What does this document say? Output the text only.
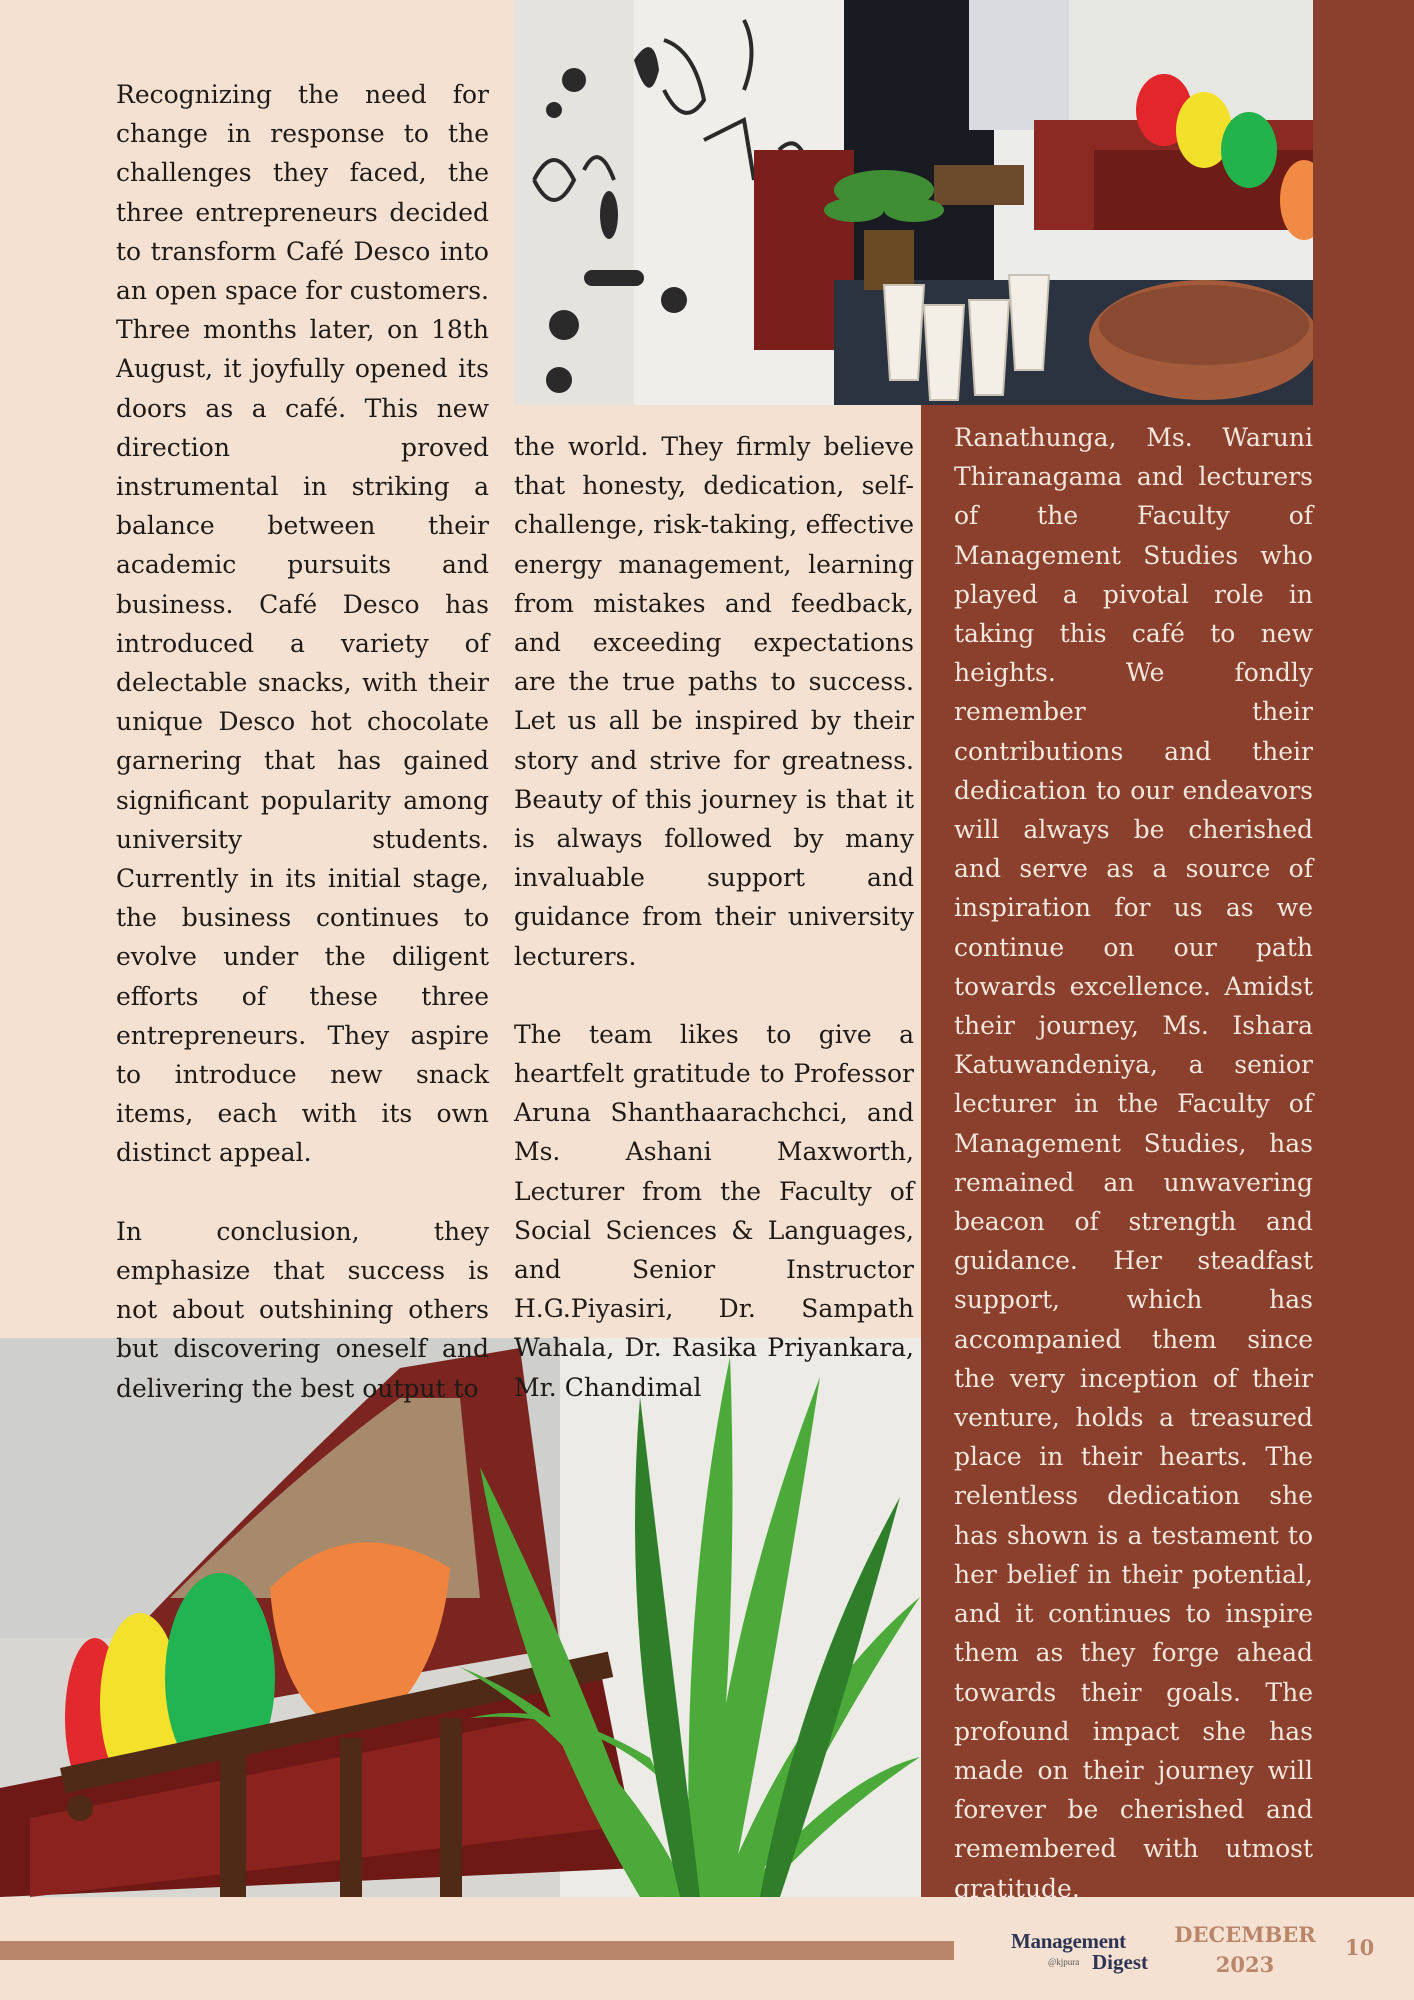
Recognizing the need for change in response to the challenges they faced, the three entrepreneurs decided to transform Café Desco into an open space for customers. Three months later, on 18th August, it joyfully opened its doors as a café. This new direction proved instrumental in striking a balance between their academic pursuits and business. Café Desco has introduced a variety of delectable snacks, with their unique Desco hot chocolate garnering that has gained significant popularity among university students. Currently in its initial stage, the business continues to evolve under the diligent efforts of these three entrepreneurs. They aspire to introduce new snack items, each with its own distinct appeal.

In conclusion, they emphasize that success is not about outshining others but discovering oneself and delivering the best output to

the world. They firmly believe that honesty, dedication, self-challenge, risk-taking, effective energy management, learning from mistakes and feedback, and exceeding expectations are the true paths to success. Let us all be inspired by their story and strive for greatness. Beauty of this journey is that it is always followed by many invaluable support and guidance from their university lecturers.

The team likes to give a heartfelt gratitude to Professor Aruna Shanthaarachchci, and Ms. Ashani Maxworth, Lecturer from the Faculty of Social Sciences & Languages, and Senior Instructor H.G.Piyasiri, Dr. Sampath Wahala, Dr. Rasika Priyankara, Mr. Chandimal

Ranathunga, Ms. Waruni Thiranagama and lecturers of the Faculty of Management Studies who played a pivotal role in taking this café to new heights. We fondly remember their contributions and their dedication to our endeavors will always be cherished and serve as a source of inspiration for us as we continue on our path towards excellence. Amidst their journey, Ms. Ishara Katuwandeniya, a senior lecturer in the Faculty of Management Studies, has remained an unwavering beacon of strength and guidance. Her steadfast support, which has accompanied them since the very inception of their venture, holds a treasured place in their hearts. The relentless dedication she has shown is a testament to her belief in their potential, and it continues to inspire them as they forge ahead towards their goals. The profound impact she has made on their journey will forever be cherished and remembered with utmost gratitude.

Management
@kjpura Digest
DECEMBER
2023
10
